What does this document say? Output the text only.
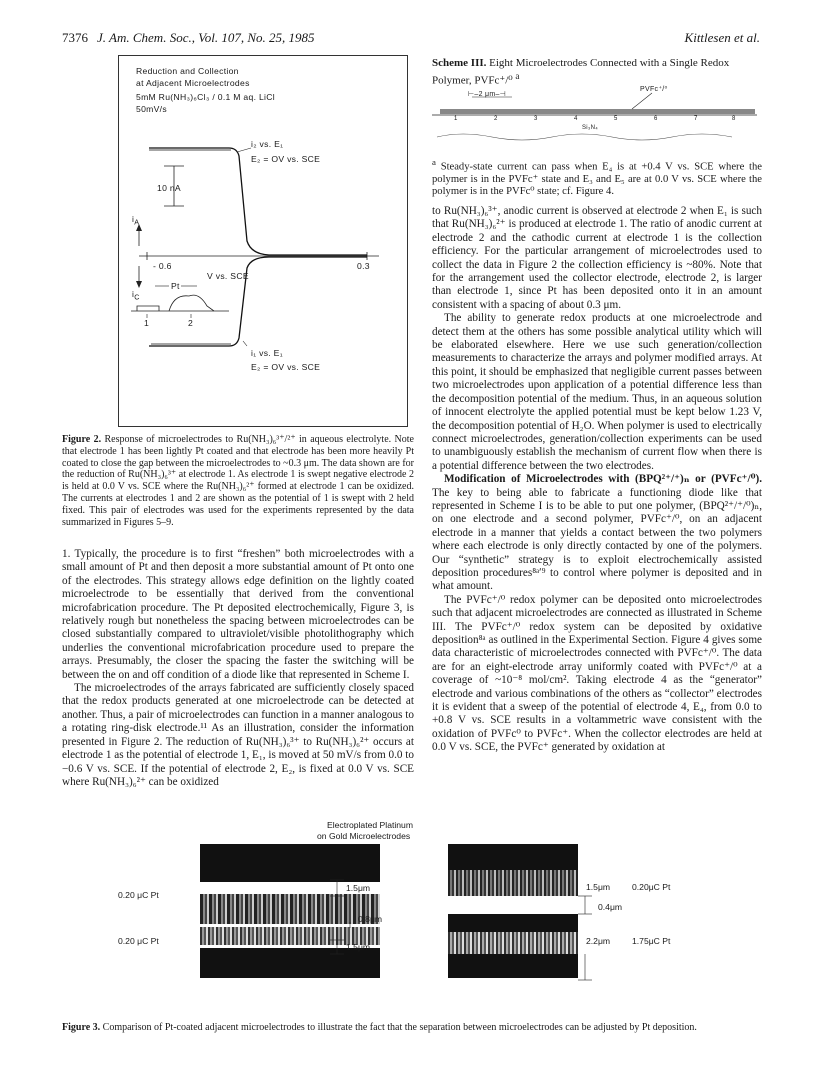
7376 J. Am. Chem. Soc., Vol. 107, No. 25, 1985	Kittlesen et al.
Reduction and Collection
at Adjacent Microelectrodes
5mM Ru(NH₃)₆Cl₃ / 0.1 M aq. LiCl
50mV/s
i₂ vs. E₁
E₂ = OV vs. SCE
10 nA
$i_A$
$i_C$
- 0.6
V vs. SCE
0.3
Pt
1	2
i₁ vs. E₁
E₂ = OV vs. SCE
Figure 2. Response of microelectrodes to Ru(NH₃)₆³⁺/²⁺ in aqueous electrolyte. Note that electrode 1 has been lightly Pt coated and that electrode has been more heavily Pt coated to close the gap between the microelectrodes to ~0.3 μm. The data shown are for the reduction of Ru(NH₃)₆³⁺ at electrode 1. As electrode 1 is swept negative electrode 2 is held at 0.0 V vs. SCE where the Ru(NH₃)₆²⁺ formed at electrode 1 can be oxidized. The currents at electrodes 1 and 2 are shown as the potential of 1 is swept with 2 held fixed. This pair of electrodes was used for the experiments represented by the data summarized in Figures 5–9.

1. Typically, the procedure is to first “freshen” both microelectrodes with a small amount of Pt and then deposit a more substantial amount of Pt onto one of the electrodes. This strategy allows edge definition on the lightly coated microelectrode to be essentially that derived from the conventional microfabrication procedure. The Pt deposited electrochemically, Figure 3, is relatively rough but nonetheless the spacing between microelectrodes can be closed substantially compared to ultraviolet/visible photolithography which underlies the conventional microfabrication procedure used to prepare the arrays. Presumably, the closer the spacing the faster the switching will be between the on and off condition of a diode like that represented in Scheme I.

The microelectrodes of the arrays fabricated are sufficiently closely spaced that the redox products generated at one microelectrode can be detected at another. Thus, a pair of microelectrodes can function in a manner analogous to a rotating ring-disk electrode.¹¹ As an illustration, consider the information presented in Figure 2. The reduction of Ru(NH₃)₆³⁺ to Ru(NH₃)₆²⁺ occurs at electrode 1 as the potential of electrode 1, E₁, is moved at 50 mV/s from 0.0 to −0.6 V vs. SCE. If the potential of electrode 2, E₂, is fixed at 0.0 V vs. SCE where Ru(NH₃)₆²⁺ can be oxidized

Scheme III. Eight Microelectrodes Connected with a Single Redox Polymer, PVFc⁺/⁰ $^a$
⊢–2 μm–⊣
PVFc⁺/⁰
1	2	3	4	5	6	7	8
Si₃N₄
$^a$ Steady-state current can pass when E₄ is at +0.4 V vs. SCE where the polymer is in the PVFc⁺ state and E₃ and E₅ are at 0.0 V vs. SCE where the polymer is in the PVFc⁰ state; cf. Figure 4.

to Ru(NH₃)₆³⁺, anodic current is observed at electrode 2 when E₁ is such that Ru(NH₃)₆²⁺ is produced at electrode 1. The ratio of anodic current at electrode 2 and the cathodic current at electrode 1 is the collection efficiency. For the particular arrangement of microelectrodes used to collect the data in Figure 2 the collection efficiency is ~80%. Note that for the arrangement used the collector electrode, electrode 2, is larger than electrode 1, since Pt has been deposited onto it in an amount consistent with a spacing of about 0.3 μm.

The ability to generate redox products at one microelectrode and detect them at the others has some possible analytical utility which will be elaborated elsewhere. Here we use such generation/collection measurements to characterize the arrays and polymer modified arrays. At this point, it should be emphasized that negligible current passes between two microelectrodes upon application of a potential difference less than the decomposition potential of the medium. Thus, in an aqueous solution of innocent electrolyte the applied potential must be kept below 1.23 V, the decomposition potential of H₂O. When polymer is used to electrically connect microelectrodes, generation/collection experiments can be used to unambiguously establish the mechanism of current flow when there is a potential difference between the two electrodes.

Modification of Microelectrodes with (BPQ²⁺/⁺)ₙ or (PVFc⁺/⁰). The key to being able to fabricate a functioning diode like that represented in Scheme I is to be able to put one polymer, (BPQ²⁺/⁺/⁰)ₙ, on one electrode and a second polymer, PVFc⁺/⁰, on an adjacent electrode in a manner that yields a contact between the two polymers where each electrode is only directly contacted by one of the polymers. Our “synthetic” strategy is to exploit electrochemically assisted deposition procedures⁸ᵃʹ⁹ to control where polymer is deposited and in what amount.

The PVFc⁺/⁰ redox polymer can be deposited onto microelectrodes such that adjacent microelectrodes are connected as illustrated in Scheme III. The PVFc⁺/⁰ redox system can be deposited by oxidative deposition⁸ᵃ as outlined in the Experimental Section. Figure 4 gives some data characteristic of microelectrodes connected with PVFc⁺/⁰. The data are for an eight-electrode array uniformly coated with PVFc⁺/⁰ at a coverage of ~10⁻⁸ mol/cm². Taking electrode 4 as the “generator” electrode and various combinations of the others as “collector” electrodes it is evident that a sweep of the potential of electrode 4, E₄, from 0.0 to +0.8 V vs. SCE results in a voltammetric wave consistent with the oxidation of PVFc⁰ to PVFc⁺. When the collector electrodes are held at 0.0 V vs. SCE, the PVFc⁺ generated by oxidation at

Electroplated Platinum
on Gold Microelectrodes
0.20 μC Pt
0.20 μC Pt
1.5μm
0.8μm
1.5μm
1.5μm	0.20μC Pt
0.4μm
2.2μm	1.75μC Pt
Figure 3. Comparison of Pt-coated adjacent microelectrodes to illustrate the fact that the separation between microelectrodes can be adjusted by Pt deposition.
